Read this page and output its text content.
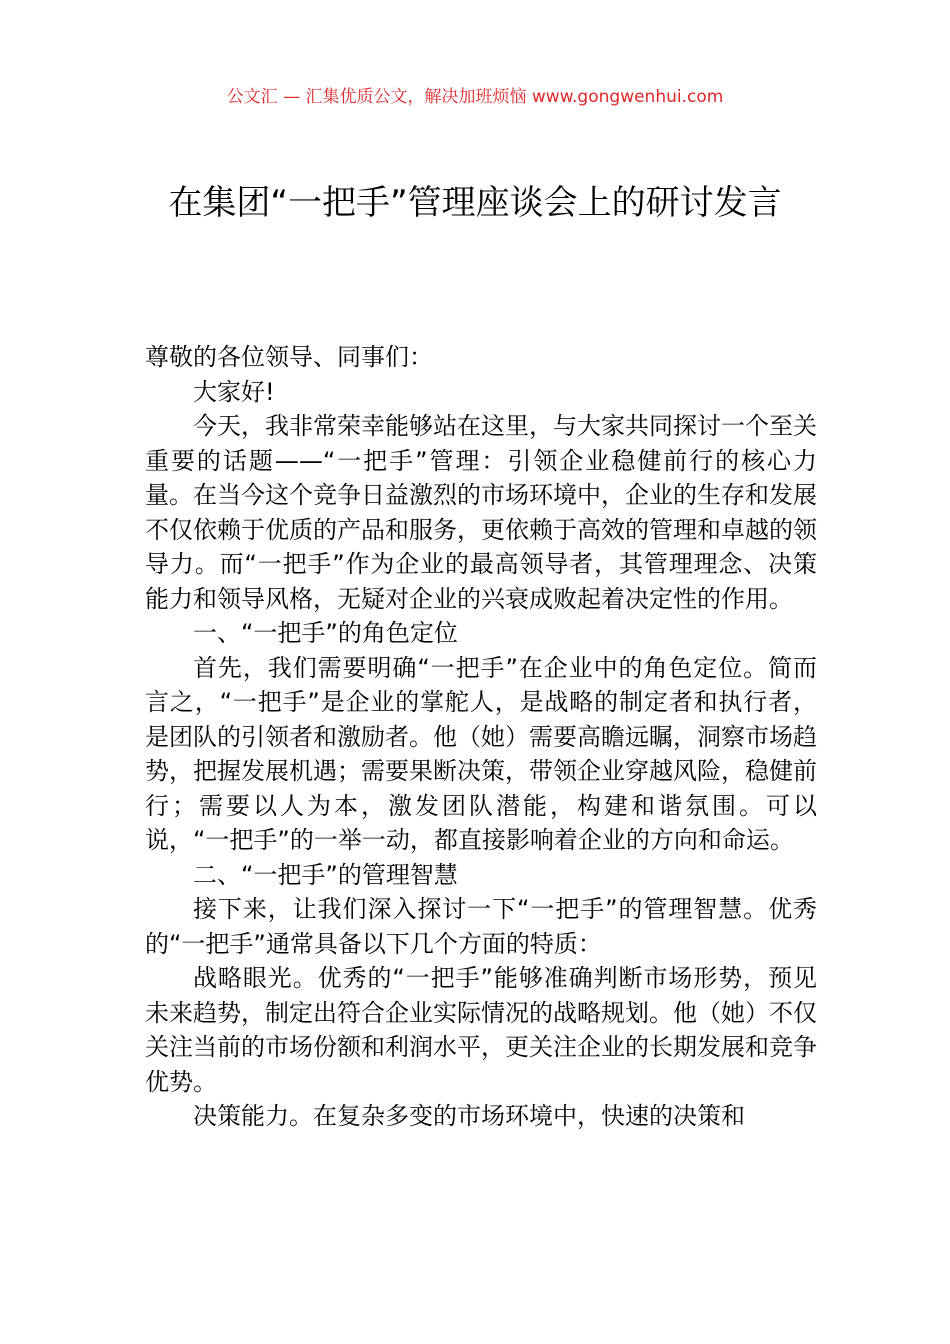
公文汇 — 汇集优质公文，解决加班烦恼 www.gongwenhui.com
在集团“一把手”管理座谈会上的研讨发言

尊敬的各位领导、同事们：

大家好!

今天，我非常荣幸能够站在这里，与大家共同探讨一个至关重要的话题——“一把手”管理：引领企业稳健前行的核心力量。在当今这个竞争日益激烈的市场环境中，企业的生存和发展不仅依赖于优质的产品和服务，更依赖于高效的管理和卓越的领导力。而“一把手”作为企业的最高领导者，其管理理念、决策能力和领导风格，无疑对企业的兴衰成败起着决定性的作用。

一、“一把手”的角色定位

首先，我们需要明确“一把手”在企业中的角色定位。简而言之，“一把手”是企业的掌舵人，是战略的制定者和执行者，是团队的引领者和激励者。他（她）需要高瞻远瞩，洞察市场趋势，把握发展机遇；需要果断决策，带领企业穿越风险，稳健前行；需要以人为本，激发团队潜能，构建和谐氛围。可以说，“一把手”的一举一动，都直接影响着企业的方向和命运。

二、“一把手”的管理智慧

接下来，让我们深入探讨一下“一把手”的管理智慧。优秀的“一把手”通常具备以下几个方面的特质：

战略眼光。优秀的“一把手”能够准确判断市场形势，预见未来趋势，制定出符合企业实际情况的战略规划。他（她）不仅关注当前的市场份额和利润水平，更关注企业的长期发展和竞争优势。

决策能力。在复杂多变的市场环境中，快速的决策和
